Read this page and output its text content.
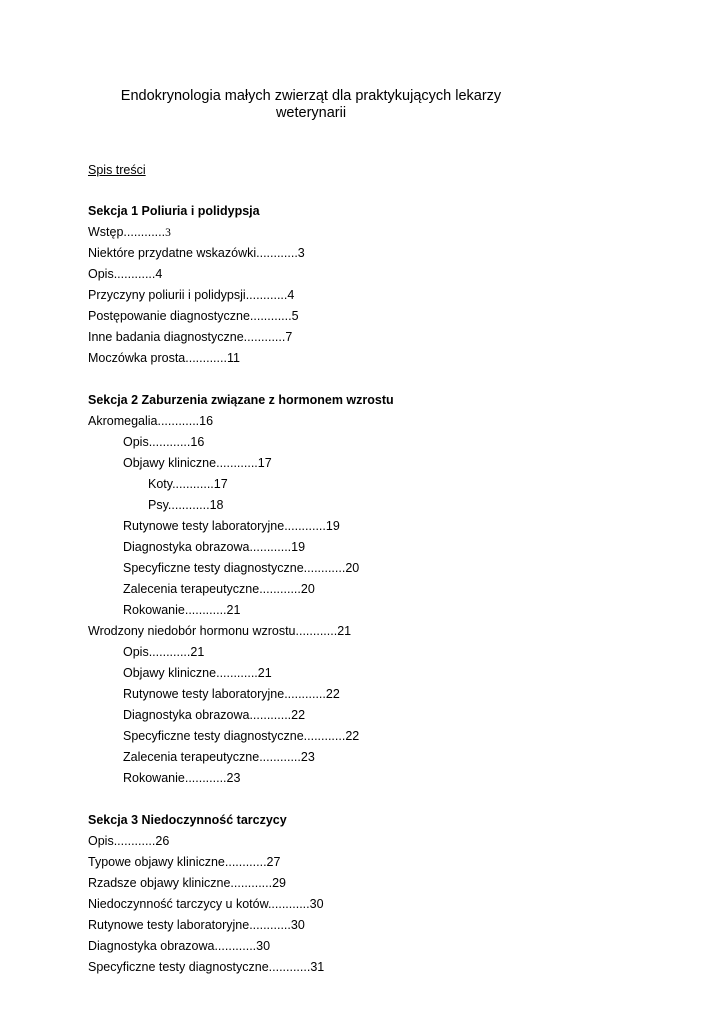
Endokrynologia małych zwierząt dla praktykujących lekarzy
weterynarii
Spis treści
Sekcja 1 Poliuria i polidypsja
Wstęp............3
Niektóre przydatne wskazówki............3
Opis............4
Przyczyny poliurii i polidypsji............4
Postępowanie diagnostyczne............5
Inne badania diagnostyczne............7
Moczówka prosta............11
Sekcja 2 Zaburzenia związane z hormonem wzrostu
Akromegalia............16
Opis............16
Objawy kliniczne............17
Koty............17
Psy............18
Rutynowe testy laboratoryjne............19
Diagnostyka obrazowa............19
Specyficzne testy diagnostyczne............20
Zalecenia terapeutyczne............20
Rokowanie............21
Wrodzony niedobór hormonu wzrostu............21
Opis............21
Objawy kliniczne............21
Rutynowe testy laboratoryjne............22
Diagnostyka obrazowa............22
Specyficzne testy diagnostyczne............22
Zalecenia terapeutyczne............23
Rokowanie............23
Sekcja 3 Niedoczynność tarczycy
Opis............26
Typowe objawy kliniczne............27
Rzadsze objawy kliniczne............29
Niedoczynność tarczycy u kotów............30
Rutynowe testy laboratoryjne............30
Diagnostyka obrazowa............30
Specyficzne testy diagnostyczne............31
